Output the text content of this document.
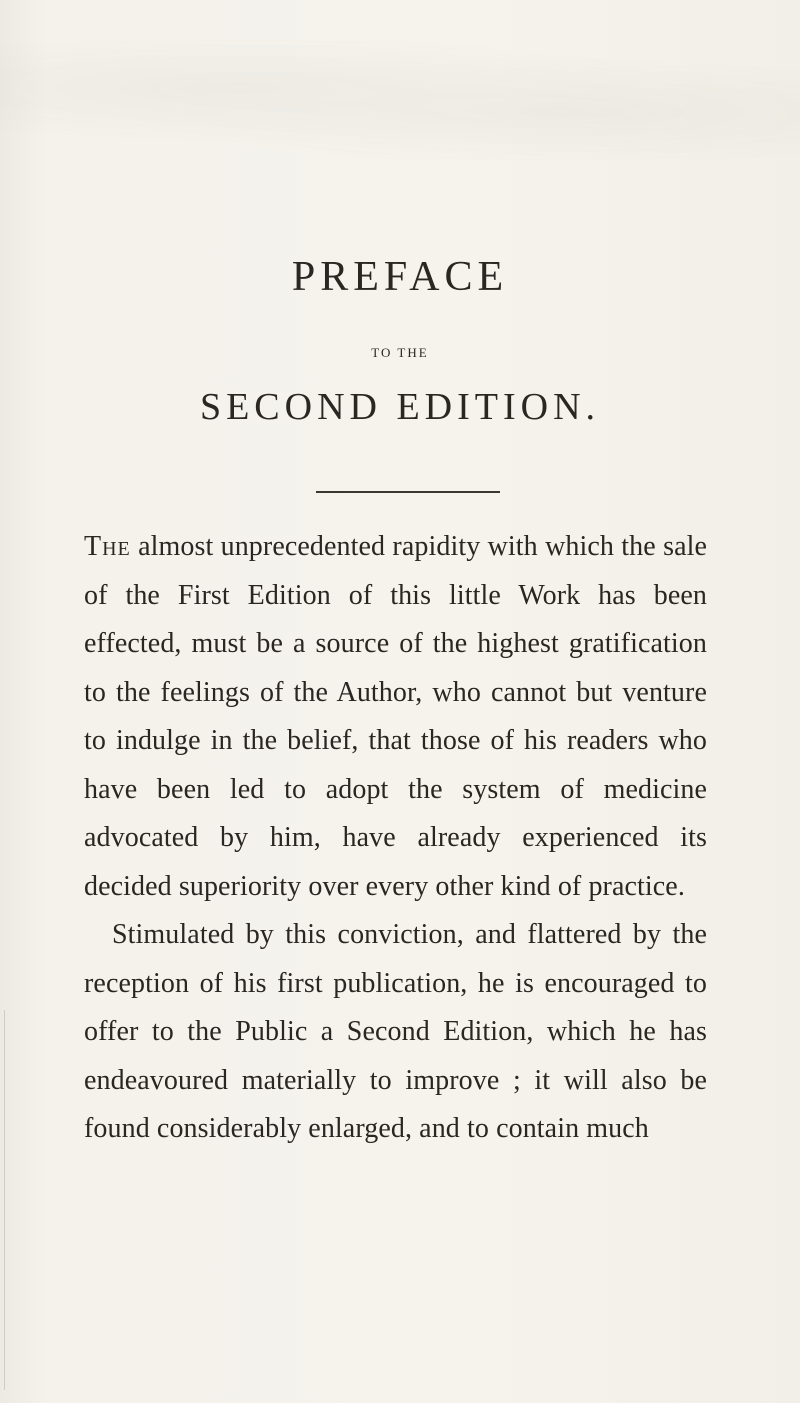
PREFACE
TO THE
SECOND EDITION.

The almost unprecedented rapidity with which the sale of the First Edition of this little Work has been effected, must be a source of the highest gratification to the feelings of the Author, who cannot but venture to indulge in the belief, that those of his readers who have been led to adopt the system of medicine advocated by him, have already experienced its decided superiority over every other kind of practice.

Stimulated by this conviction, and flattered by the reception of his first publication, he is encouraged to offer to the Public a Second Edition, which he has endeavoured materially to improve ; it will also be found considerably enlarged, and to contain much
